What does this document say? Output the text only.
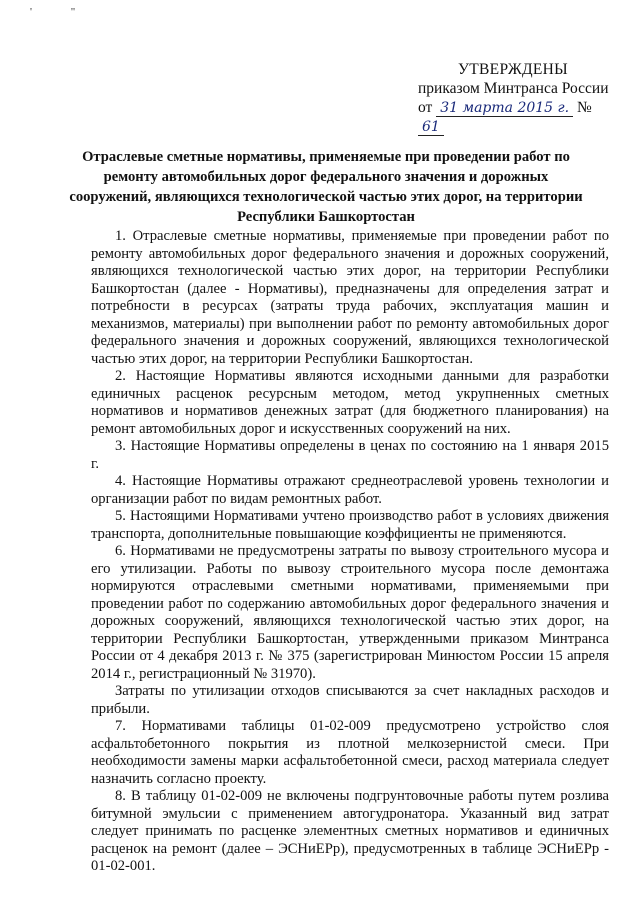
'	"
УТВЕРЖДЕНЫ
приказом Минтранса России
от 31 марта 2015 г. № 61
Отраслевые сметные нормативы, применяемые при проведении работ по ремонту автомобильных дорог федерального значения и дорожных сооружений, являющихся технологической частью этих дорог, на территории Республики Башкортостан

1. Отраслевые сметные нормативы, применяемые при проведении работ по ремонту автомобильных дорог федерального значения и дорожных сооружений, являющихся технологической частью этих дорог, на территории Республики Башкортостан (далее - Нормативы), предназначены для определения затрат и потребности в ресурсах (затраты труда рабочих, эксплуатация машин и механизмов, материалы) при выполнении работ по ремонту автомобильных дорог федерального значения и дорожных сооружений, являющихся технологической частью этих дорог, на территории Республики Башкортостан.

2. Настоящие Нормативы являются исходными данными для разработки единичных расценок ресурсным методом, метод укрупненных сметных нормативов и нормативов денежных затрат (для бюджетного планирования) на ремонт автомобильных дорог и искусственных сооружений на них.

3. Настоящие Нормативы определены в ценах по состоянию на 1 января 2015 г.

4. Настоящие Нормативы отражают среднеотраслевой уровень технологии и организации работ по видам ремонтных работ.

5. Настоящими Нормативами учтено производство работ в условиях движения транспорта, дополнительные повышающие коэффициенты не применяются.

6. Нормативами не предусмотрены затраты по вывозу строительного мусора и его утилизации. Работы по вывозу строительного мусора после демонтажа нормируются отраслевыми сметными нормативами, применяемыми при проведении работ по содержанию автомобильных дорог федерального значения и дорожных сооружений, являющихся технологической частью этих дорог, на территории Республики Башкортостан, утвержденными приказом Минтранса России от 4 декабря 2013 г. № 375 (зарегистрирован Минюстом России 15 апреля 2014 г., регистрационный № 31970).

Затраты по утилизации отходов списываются за счет накладных расходов и прибыли.

7. Нормативами таблицы 01-02-009 предусмотрено устройство слоя асфальтобетонного покрытия из плотной мелкозернистой смеси. При необходимости замены марки асфальтобетонной смеси, расход материала следует назначить согласно проекту.

8. В таблицу 01-02-009 не включены подгрунтовочные работы путем розлива битумной эмульсии с применением автогудронатора. Указанный вид затрат следует принимать по расценке элементных сметных нормативов и единичных расценок на ремонт (далее – ЭСНиЕРр), предусмотренных в таблице ЭСНиЕРр - 01-02-001.
